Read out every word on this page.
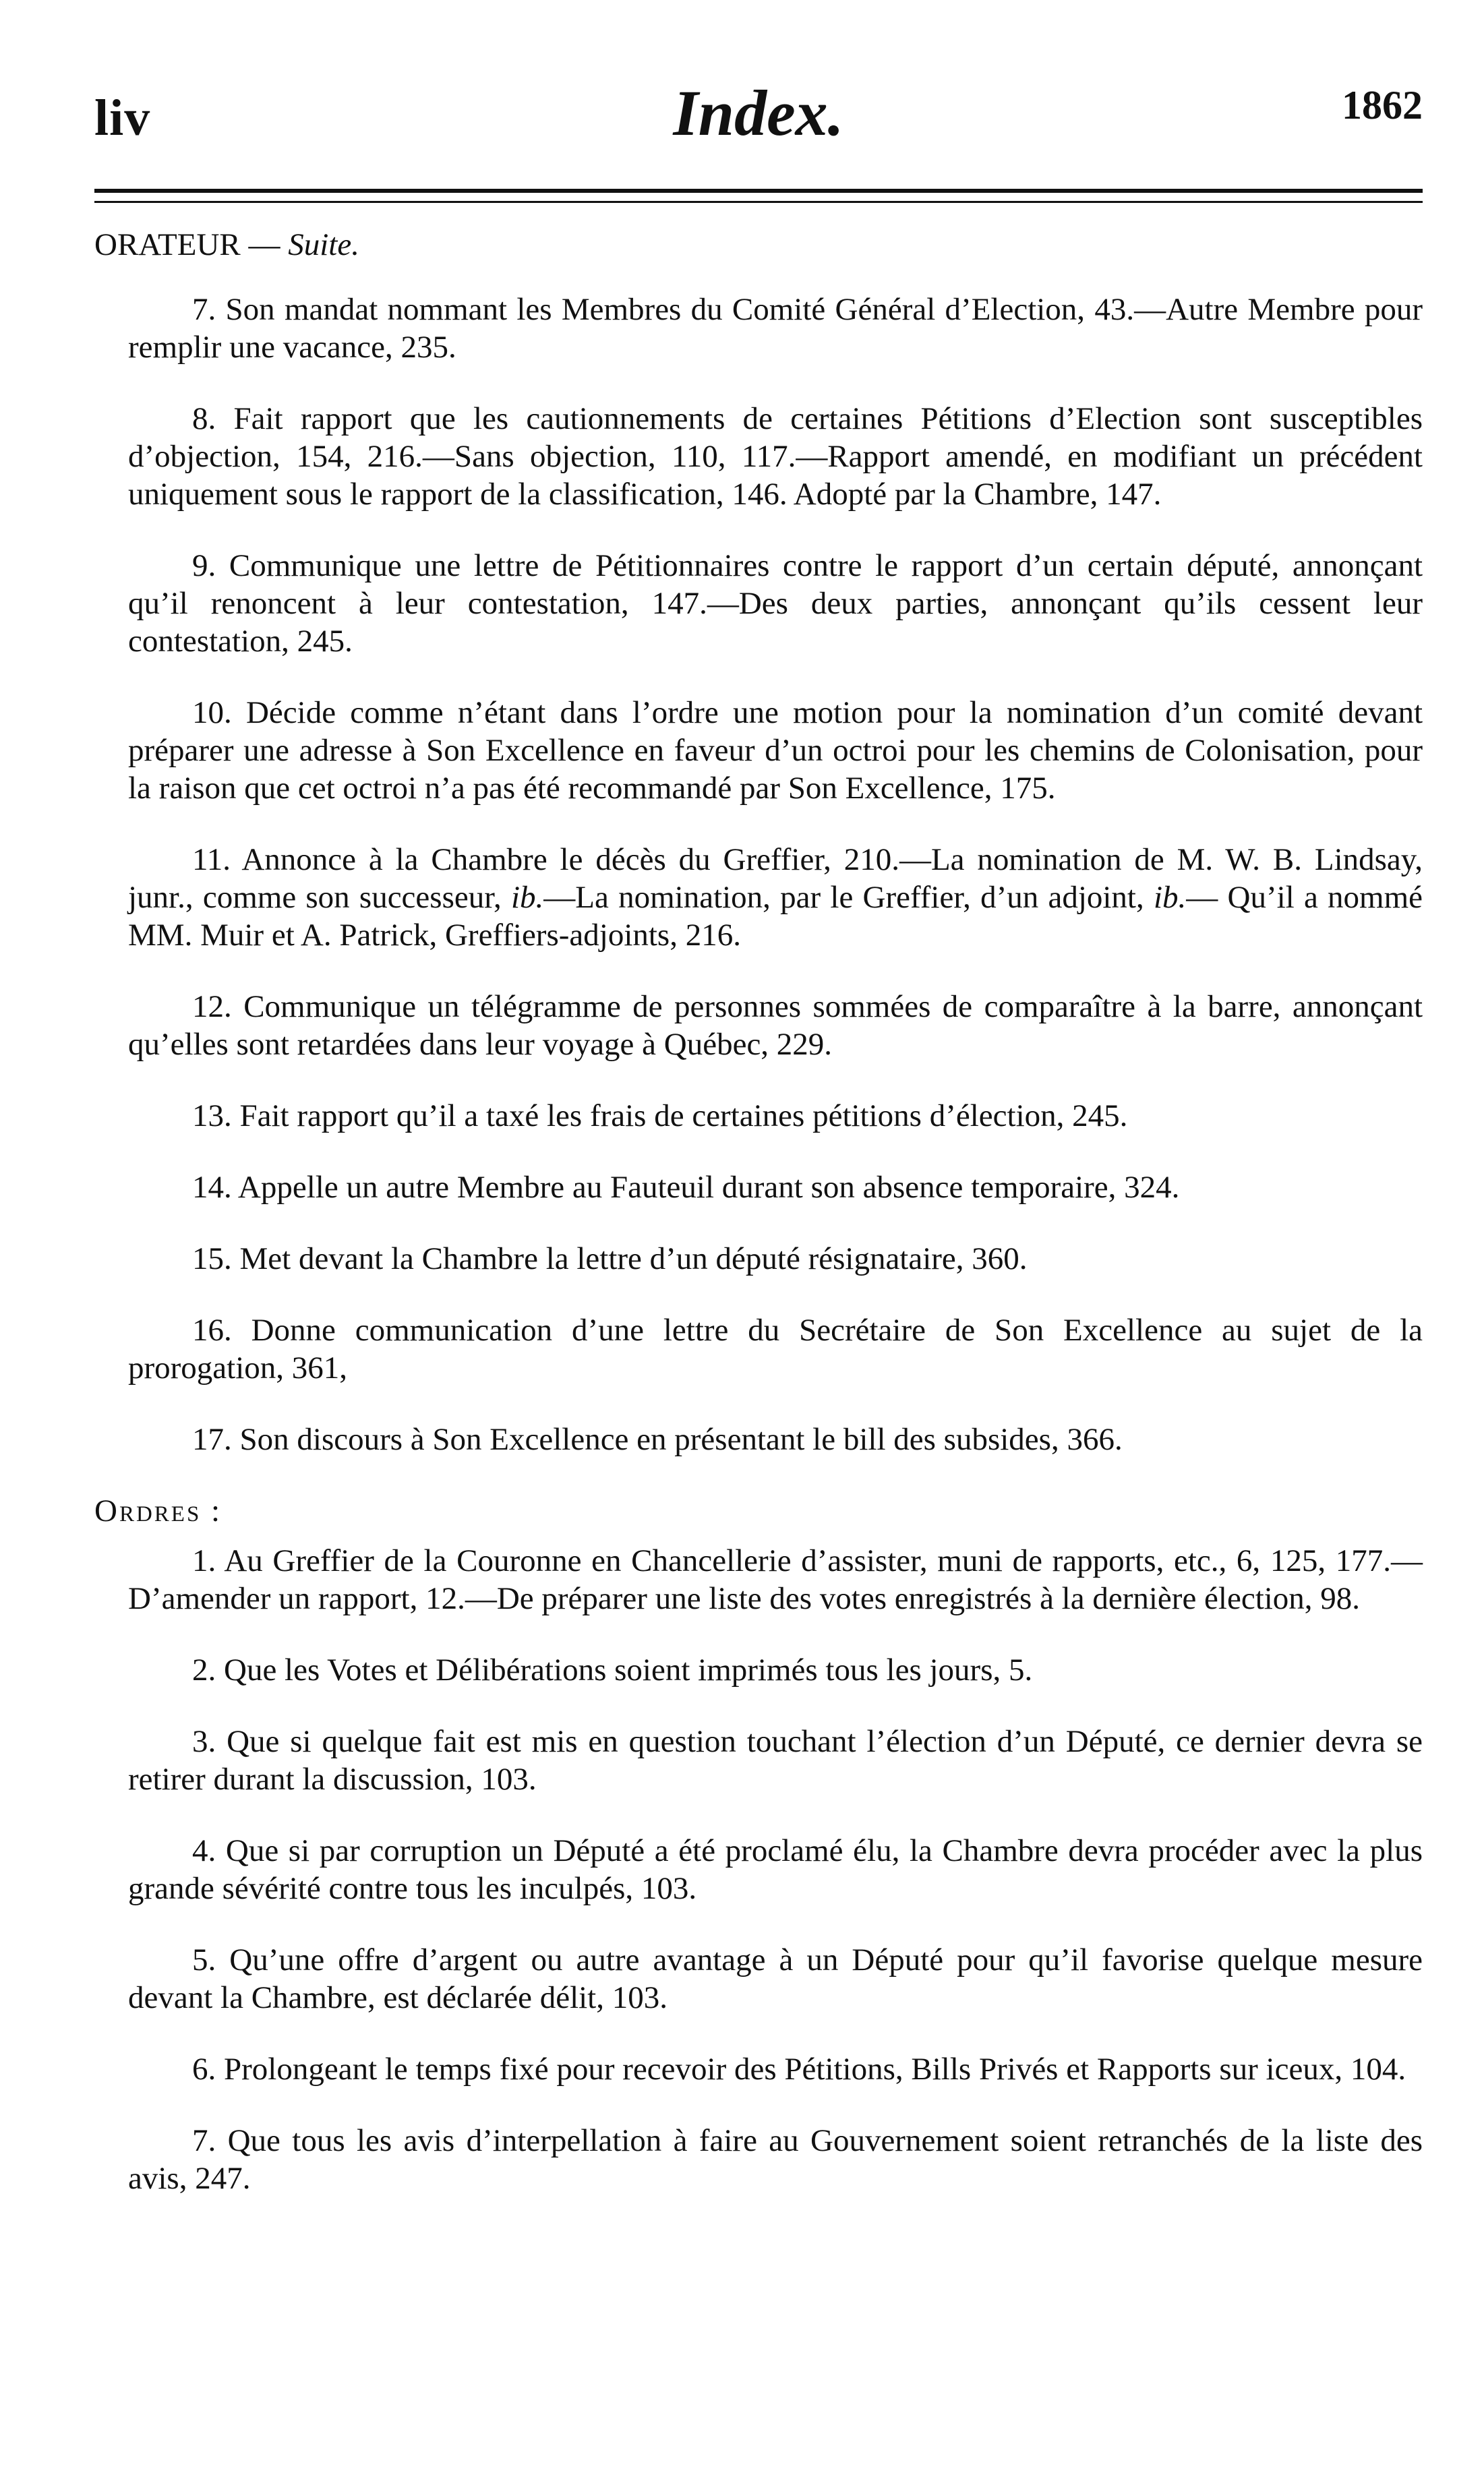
liv	Index.	1862

ORATEUR — Suite.

7. Son mandat nommant les Membres du Comité Général d’Election, 43.—Autre Membre pour remplir une vacance, 235.

8. Fait rapport que les cautionnements de certaines Pétitions d’Election sont susceptibles d’objection, 154, 216.—Sans objection, 110, 117.—Rapport amendé, en modifiant un précédent uniquement sous le rapport de la classification, 146. Adopté par la Chambre, 147.

9. Communique une lettre de Pétitionnaires contre le rapport d’un certain député, annonçant qu’il renoncent à leur contestation, 147.—Des deux parties, annonçant qu’ils cessent leur contestation, 245.

10. Décide comme n’étant dans l’ordre une motion pour la nomination d’un comité devant préparer une adresse à Son Excellence en faveur d’un octroi pour les chemins de Colonisation, pour la raison que cet octroi n’a pas été recommandé par Son Excellence, 175.

11. Annonce à la Chambre le décès du Greffier, 210.—La nomination de M. W. B. Lindsay, junr., comme son successeur, ib.—La nomination, par le Greffier, d’un adjoint, ib.— Qu’il a nommé MM. Muir et A. Patrick, Greffiers-adjoints, 216.

12. Communique un télégramme de personnes sommées de comparaître à la barre, annonçant qu’elles sont retardées dans leur voyage à Québec, 229.

13. Fait rapport qu’il a taxé les frais de certaines pétitions d’élection, 245.

14. Appelle un autre Membre au Fauteuil durant son absence temporaire, 324.

15. Met devant la Chambre la lettre d’un député résignataire, 360.

16. Donne communication d’une lettre du Secrétaire de Son Excellence au sujet de la prorogation, 361,

17. Son discours à Son Excellence en présentant le bill des subsides, 366.

Ordres :

1. Au Greffier de la Couronne en Chancellerie d’assister, muni de rapports, etc., 6, 125, 177.—D’amender un rapport, 12.—De préparer une liste des votes enregistrés à la dernière élection, 98.

2. Que les Votes et Délibérations soient imprimés tous les jours, 5.

3. Que si quelque fait est mis en question touchant l’élection d’un Député, ce dernier devra se retirer durant la discussion, 103.

4. Que si par corruption un Député a été proclamé élu, la Chambre devra procéder avec la plus grande sévérité contre tous les inculpés, 103.

5. Qu’une offre d’argent ou autre avantage à un Député pour qu’il favorise quelque mesure devant la Chambre, est déclarée délit, 103.

6. Prolongeant le temps fixé pour recevoir des Pétitions, Bills Privés et Rapports sur iceux, 104.

7. Que tous les avis d’interpellation à faire au Gouvernement soient retranchés de la liste des avis, 247.
